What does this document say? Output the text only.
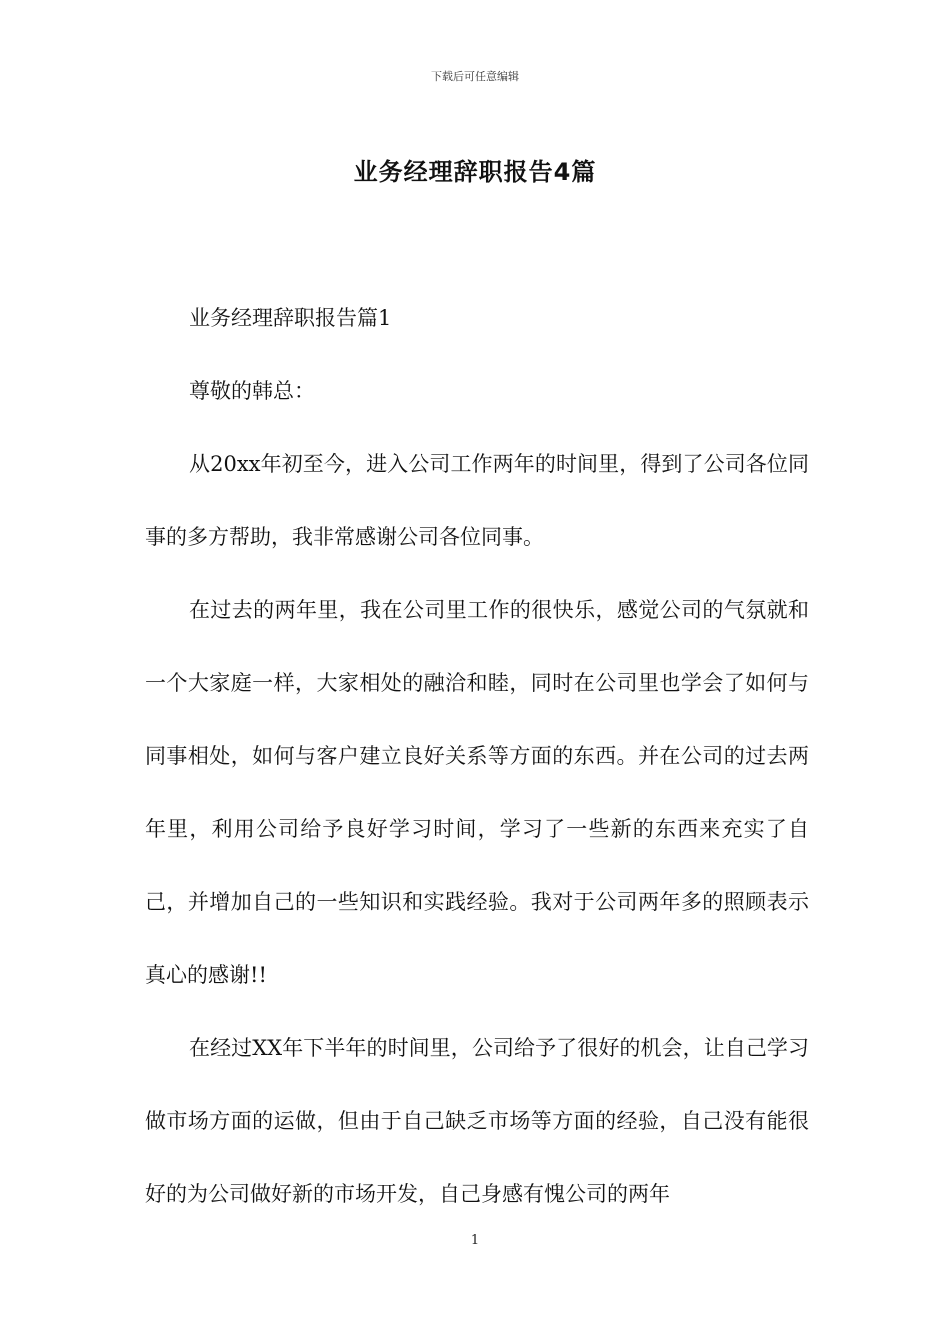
下载后可任意编辑
业务经理辞职报告4篇

业务经理辞职报告篇1

尊敬的韩总：

从20xx年初至今，进入公司工作两年的时间里，得到了公司各位同事的多方帮助，我非常感谢公司各位同事。

在过去的两年里，我在公司里工作的很快乐，感觉公司的气氛就和一个大家庭一样，大家相处的融洽和睦，同时在公司里也学会了如何与同事相处，如何与客户建立良好关系等方面的东西。并在公司的过去两年里，利用公司给予良好学习时间，学习了一些新的东西来充实了自己，并增加自己的一些知识和实践经验。我对于公司两年多的照顾表示真心的感谢!!

在经过XX年下半年的时间里，公司给予了很好的机会，让自己学习做市场方面的运做，但由于自己缺乏市场等方面的经验，自己没有能很好的为公司做好新的市场开发，自己身感有愧公司的两年

1
